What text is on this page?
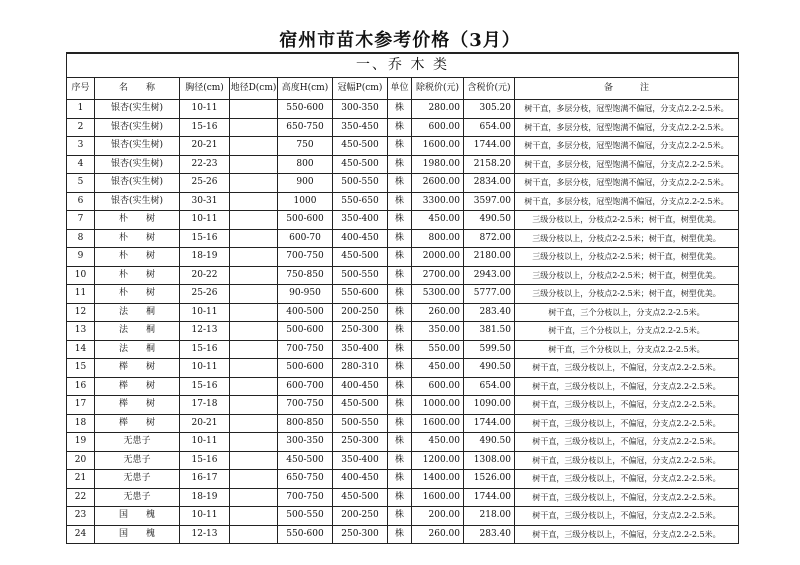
宿州市苗木参考价格（3月）
一、乔 木 类									
序号	名　　称	胸径(cm)	地径D(cm)	高度H(cm)	冠幅P(cm)	单位	除税价(元)	含税价(元)	备　　　注
1	银杏(实生树)	10-11		550-600	300-350	株	280.00	305.20	树干直，多层分枝，冠型饱满不偏冠，分支点2.2-2.5米。
2	银杏(实生树)	15-16		650-750	350-450	株	600.00	654.00	树干直，多层分枝，冠型饱满不偏冠，分支点2.2-2.5米。
3	银杏(实生树)	20-21		750	450-500	株	1600.00	1744.00	树干直，多层分枝，冠型饱满不偏冠，分支点2.2-2.5米。
4	银杏(实生树)	22-23		800	450-500	株	1980.00	2158.20	树干直，多层分枝，冠型饱满不偏冠，分支点2.2-2.5米。
5	银杏(实生树)	25-26		900	500-550	株	2600.00	2834.00	树干直，多层分枝，冠型饱满不偏冠，分支点2.2-2.5米。
6	银杏(实生树)	30-31		1000	550-650	株	3300.00	3597.00	树干直，多层分枝，冠型饱满不偏冠，分支点2.2-2.5米。
7	朴　　树	10-11		500-600	350-400	株	450.00	490.50	三级分枝以上，分枝点2-2.5米；树干直，树型优美。
8	朴　　树	15-16		600-70	400-450	株	800.00	872.00	三级分枝以上，分枝点2-2.5米；树干直，树型优美。
9	朴　　树	18-19		700-750	450-500	株	2000.00	2180.00	三级分枝以上，分枝点2-2.5米；树干直，树型优美。
10	朴　　树	20-22		750-850	500-550	株	2700.00	2943.00	三级分枝以上，分枝点2-2.5米；树干直，树型优美。
11	朴　　树	25-26		90-950	550-600	株	5300.00	5777.00	三级分枝以上，分枝点2-2.5米；树干直，树型优美。
12	法　　桐	10-11		400-500	200-250	株	260.00	283.40	树干直，三个分枝以上，分支点2.2-2.5米。
13	法　　桐	12-13		500-600	250-300	株	350.00	381.50	树干直，三个分枝以上，分支点2.2-2.5米。
14	法　　桐	15-16		700-750	350-400	株	550.00	599.50	树干直，三个分枝以上，分支点2.2-2.5米。
15	榉　　树	10-11		500-600	280-310	株	450.00	490.50	树干直，三级分枝以上，不偏冠，分支点2.2-2.5米。
16	榉　　树	15-16		600-700	400-450	株	600.00	654.00	树干直，三级分枝以上，不偏冠，分支点2.2-2.5米。
17	榉　　树	17-18		700-750	450-500	株	1000.00	1090.00	树干直，三级分枝以上，不偏冠，分支点2.2-2.5米。
18	榉　　树	20-21		800-850	500-550	株	1600.00	1744.00	树干直，三级分枝以上，不偏冠，分支点2.2-2.5米。
19	无患子	10-11		300-350	250-300	株	450.00	490.50	树干直，三级分枝以上，不偏冠，分支点2.2-2.5米。
20	无患子	15-16		450-500	350-400	株	1200.00	1308.00	树干直，三级分枝以上，不偏冠，分支点2.2-2.5米。
21	无患子	16-17		650-750	400-450	株	1400.00	1526.00	树干直，三级分枝以上，不偏冠，分支点2.2-2.5米。
22	无患子	18-19		700-750	450-500	株	1600.00	1744.00	树干直，三级分枝以上，不偏冠，分支点2.2-2.5米。
23	国　　槐	10-11		500-550	200-250	株	200.00	218.00	树干直，三级分枝以上，不偏冠，分支点2.2-2.5米。
24	国　　槐	12-13		550-600	250-300	株	260.00	283.40	树干直，三级分枝以上，不偏冠，分支点2.2-2.5米。
